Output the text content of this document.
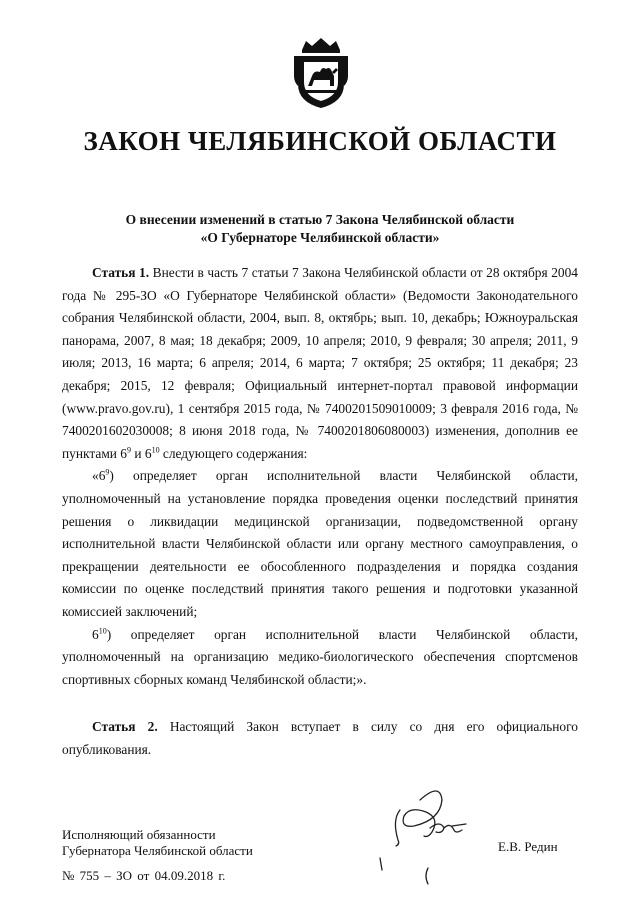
ЗАКОН ЧЕЛЯБИНСКОЙ ОБЛАСТИ
О внесении изменений в статью 7 Закона Челябинской области
«О Губернаторе Челябинской области»

Статья 1. Внести в часть 7 статьи 7 Закона Челябинской области от 28 октября 2004 года № 295-ЗО «О Губернаторе Челябинской области» (Ведомости Законодательного собрания Челябинской области, 2004, вып. 8, октябрь; вып. 10, декабрь; Южноуральская панорама, 2007, 8 мая; 18 декабря; 2009, 10 апреля; 2010, 9 февраля; 30 апреля; 2011, 9 июля; 2013, 16 марта; 6 апреля; 2014, 6 марта; 7 октября; 25 октября; 11 декабря; 23 декабря; 2015, 12 февраля; Официальный интернет-портал правовой информации (www.pravo.gov.ru), 1 сентября 2015 года, № 7400201509010009; 3 февраля 2016 года, № 7400201602030008; 8 июня 2018 года, № 7400201806080003) изменения, дополнив ее пунктами $6^9$ и $6^{10}$ следующего содержания:

«$6^9$) определяет орган исполнительной власти Челябинской области, уполномоченный на установление порядка проведения оценки последствий принятия решения о ликвидации медицинской организации, подведомственной органу исполнительной власти Челябинской области или органу местного самоуправления, о прекращении деятельности ее обособленного подразделения и порядка создания комиссии по оценке последствий принятия такого решения и подготовки указанной комиссией заключений;

$6^{10}$) определяет орган исполнительной власти Челябинской области, уполномоченный на организацию медико-биологического обеспечения спортсменов спортивных сборных команд Челябинской области;».

Статья 2. Настоящий Закон вступает в силу со дня его официального опубликования.

Исполняющий обязанности
Губернатора Челябинской области	Е.В. Редин
№ 755 – ЗО от 04.09.2018 г.
